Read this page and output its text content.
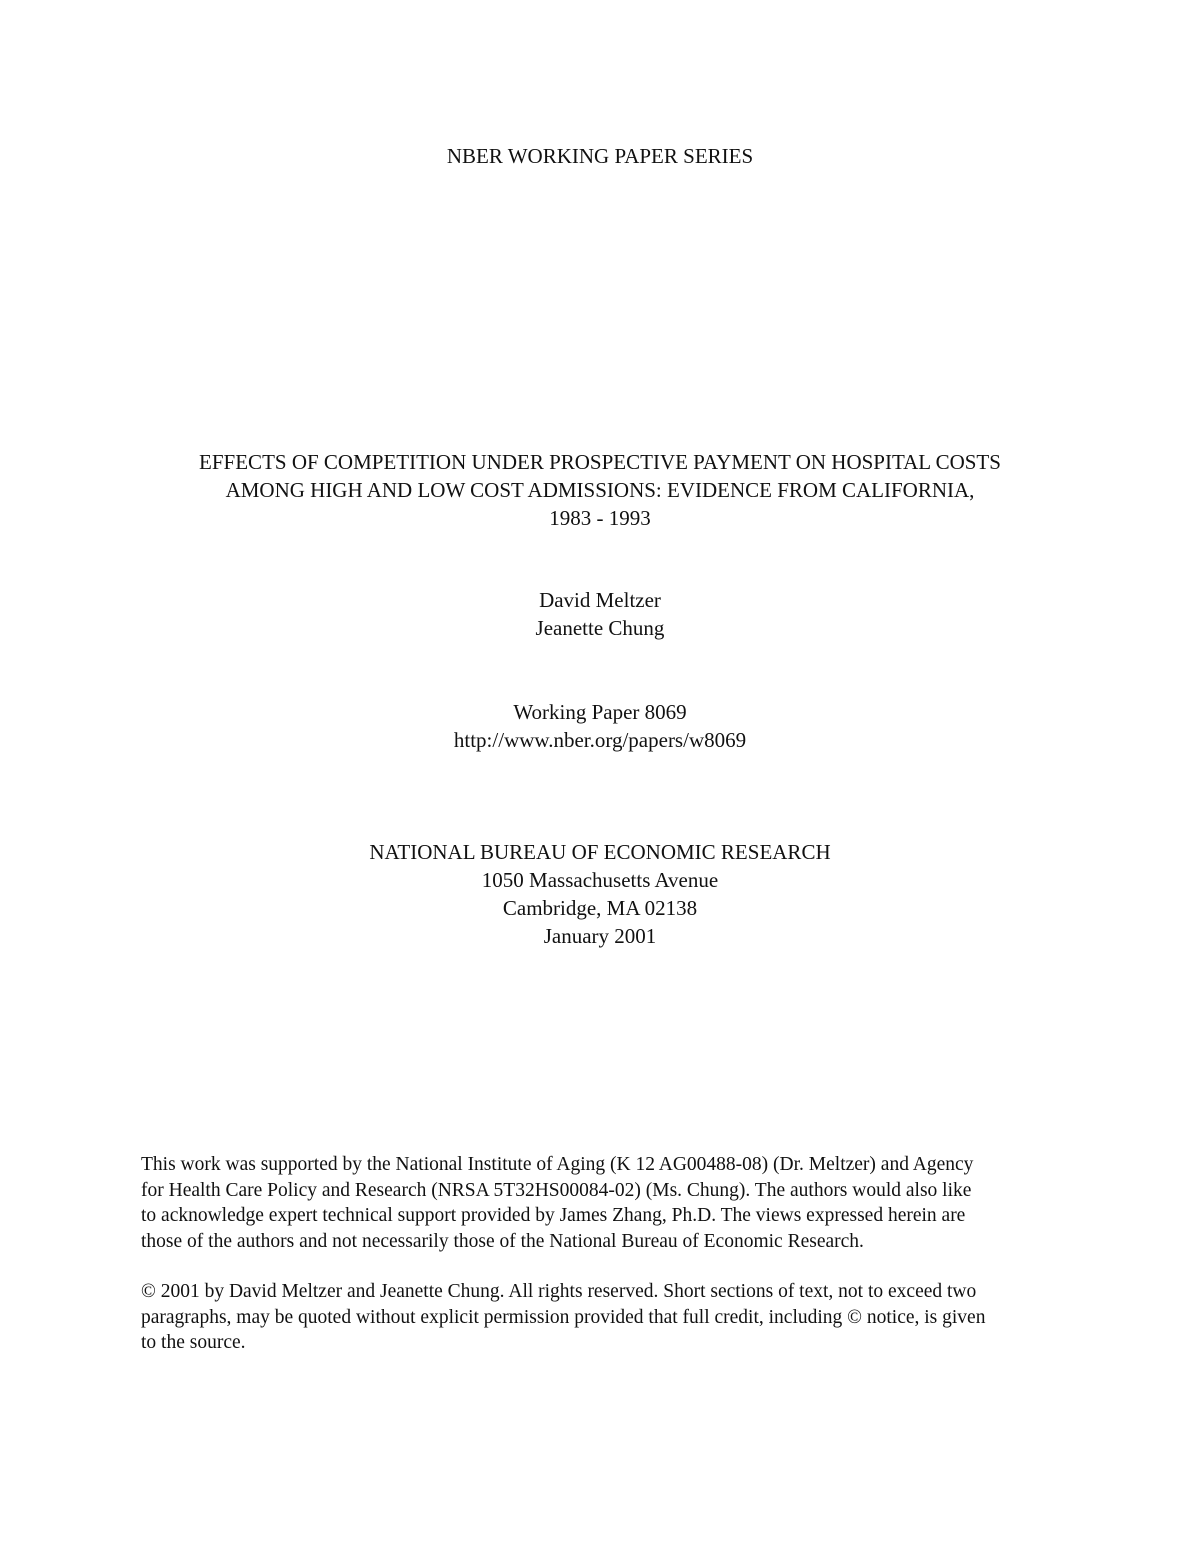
NBER WORKING PAPER SERIES
EFFECTS OF COMPETITION UNDER PROSPECTIVE PAYMENT ON HOSPITAL COSTS
AMONG HIGH AND LOW COST ADMISSIONS: EVIDENCE FROM CALIFORNIA,
1983 - 1993
David Meltzer
Jeanette Chung
Working Paper 8069
http://www.nber.org/papers/w8069
NATIONAL BUREAU OF ECONOMIC RESEARCH
1050 Massachusetts Avenue
Cambridge, MA 02138
January 2001
This work was supported by the National Institute of Aging (K 12 AG00488-08) (Dr. Meltzer) and Agency
for Health Care Policy and Research (NRSA 5T32HS00084-02) (Ms. Chung). The authors would also like
to acknowledge expert technical support provided by James Zhang, Ph.D. The views expressed herein are
those of the authors and not necessarily those of the National Bureau of Economic Research.
© 2001 by David Meltzer and Jeanette Chung. All rights reserved. Short sections of text, not to exceed two
paragraphs, may be quoted without explicit permission provided that full credit, including © notice, is given
to the source.
